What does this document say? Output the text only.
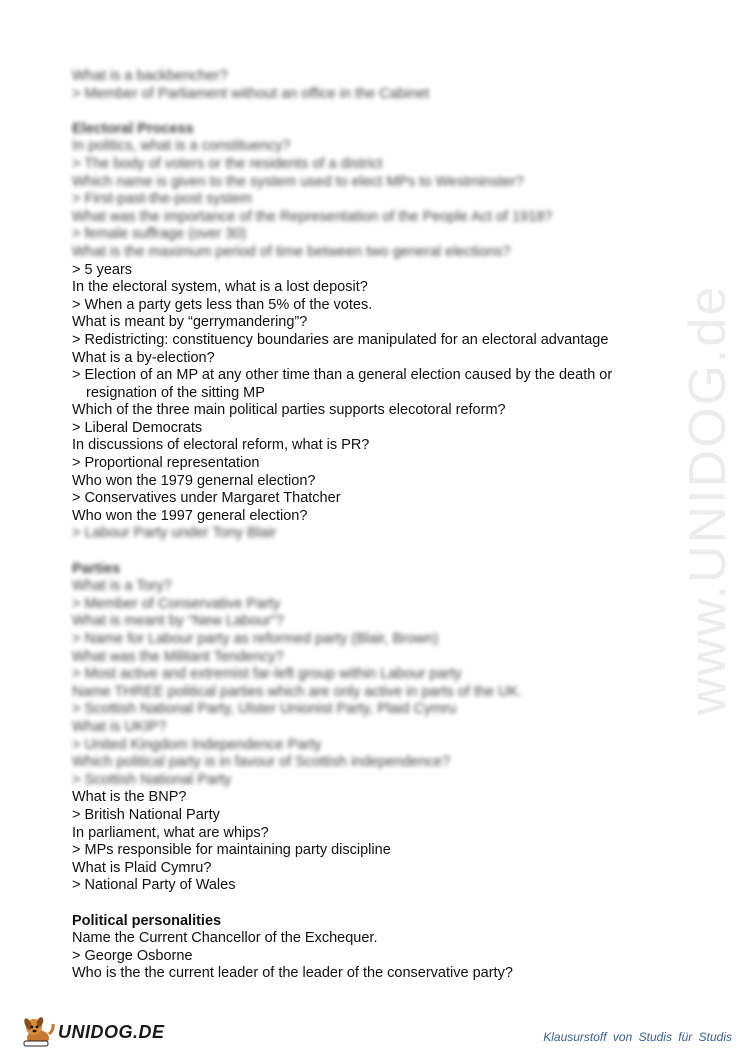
www.UNIDOG.de
What is a backbencher?
> Member of Parliament without an office in the Cabinet
Electoral Process
In politics, what is a constituency?
> The body of voters or the residents of a district
Which name is given to the system used to elect MPs to Westminster?
> First-past-the-post system
What was the importance of the Representation of the People Act of 1918?
> female suffrage (over 30)
What is the maximum period of time between two general elections?
> 5 years
In the electoral system, what is a lost deposit?
> When a party gets less than 5% of the votes.
What is meant by “gerrymandering”?
> Redistricting: constituency boundaries are manipulated for an electoral advantage
What is a by-election?
> Election of an MP at any other time than a general election caused by the death or
resignation of the sitting MP
Which of the three main political parties supports elecotoral reform?
> Liberal Democrats
In discussions of electoral reform, what is PR?
> Proportional representation
Who won the 1979 genernal election?
> Conservatives under Margaret Thatcher
Who won the 1997 general election?
> Labour Party under Tony Blair
Parties
What is a Tory?
> Member of Conservative Party
What is meant by “New Labour”?
> Name for Labour party as reformed party (Blair, Brown)
What was the Militant Tendency?
> Most active and extremist far-left group within Labour party
Name THREE political parties which are only active in parts of the UK.
> Scottish National Party, Ulster Unionist Party, Plaid Cymru
What is UKIP?
> United Kingdom Independence Party
Which political party is in favour of Scottish independence?
> Scottish National Party
What is the BNP?
> British National Party
In parliament, what are whips?
> MPs responsible for maintaining party discipline
What is Plaid Cymru?
> National Party of Wales
Political personalities
Name the Current Chancellor of the Exchequer.
> George Osborne
Who is the the current leader of the leader of the conservative party?
UNIDOG.DE	Klausurstoff von Studis für Studis
